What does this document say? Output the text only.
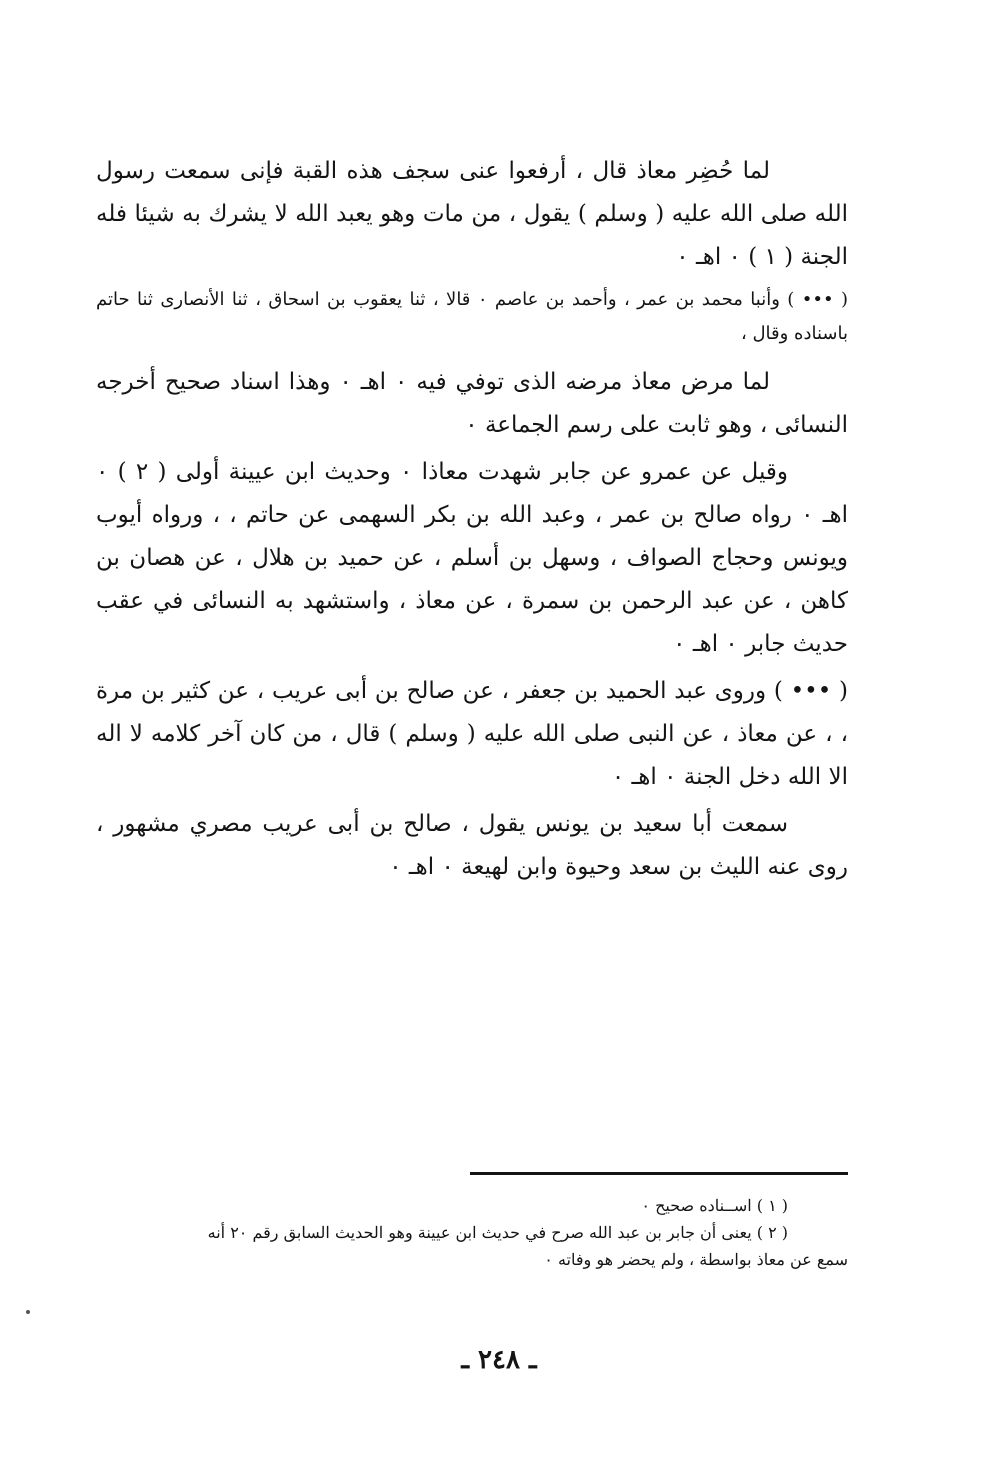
لما حُضِر معاذ قال ، أرفعوا عنى سجف هذه القبة فإنى سمعت رسول الله صلى الله عليه ( وسلم ) يقول ، من مات وهو يعبد الله لا يشرك به شيئا فله الجنة ( ١ ) ٠ اهـ ٠

( ••• ) وأنبا محمد بن عمر ، وأحمد بن عاصم ٠ قالا ، ثنا يعقوب بن اسحاق ، ثنا الأنصارى ثنا حاتم باسناده وقال ،

لما مرض معاذ مرضه الذى توفي فيه ٠ اهـ ٠ وهذا اسناد صحيح أخرجه النسائى ، وهو ثابت على رسم الجماعة ٠

وقيل عن عمرو عن جابر شهدت معاذا ٠ وحديث ابن عيينة أولى ( ٢ ) ٠ اهـ ٠ رواه صالح بن عمر ، وعبد الله بن بكر السهمى عن حاتم ، ، ورواه أيوب ويونس وحجاج الصواف ، وسهل بن أسلم ، عن حميد بن هلال ، عن هصان بن كاهن ، عن عبد الرحمن بن سمرة ، عن معاذ ، واستشهد به النسائى في عقب حديث جابر ٠ اهـ ٠

( ••• ) وروى عبد الحميد بن جعفر ، عن صالح بن أبى عريب ، عن كثير بن مرة ، ، عن معاذ ، عن النبى صلى الله عليه ( وسلم ) قال ، من كان آخر كلامه لا اله الا الله دخل الجنة ٠ اهـ ٠

سمعت أبا سعيد بن يونس يقول ، صالح بن أبى عريب مصري مشهور ، روى عنه الليث بن سعد وحيوة وابن لهيعة ٠ اهـ ٠

( ١ ) اســناده صحيح ٠

( ٢ ) يعنى أن جابر بن عبد الله صرح في حديث ابن عيينة وهو الحديث السابق رقم ٢٠ أنه

سمع عن معاذ بواسطة ، ولم يحضر هو وفاته ٠

ـ ٢٤٨ ـ
